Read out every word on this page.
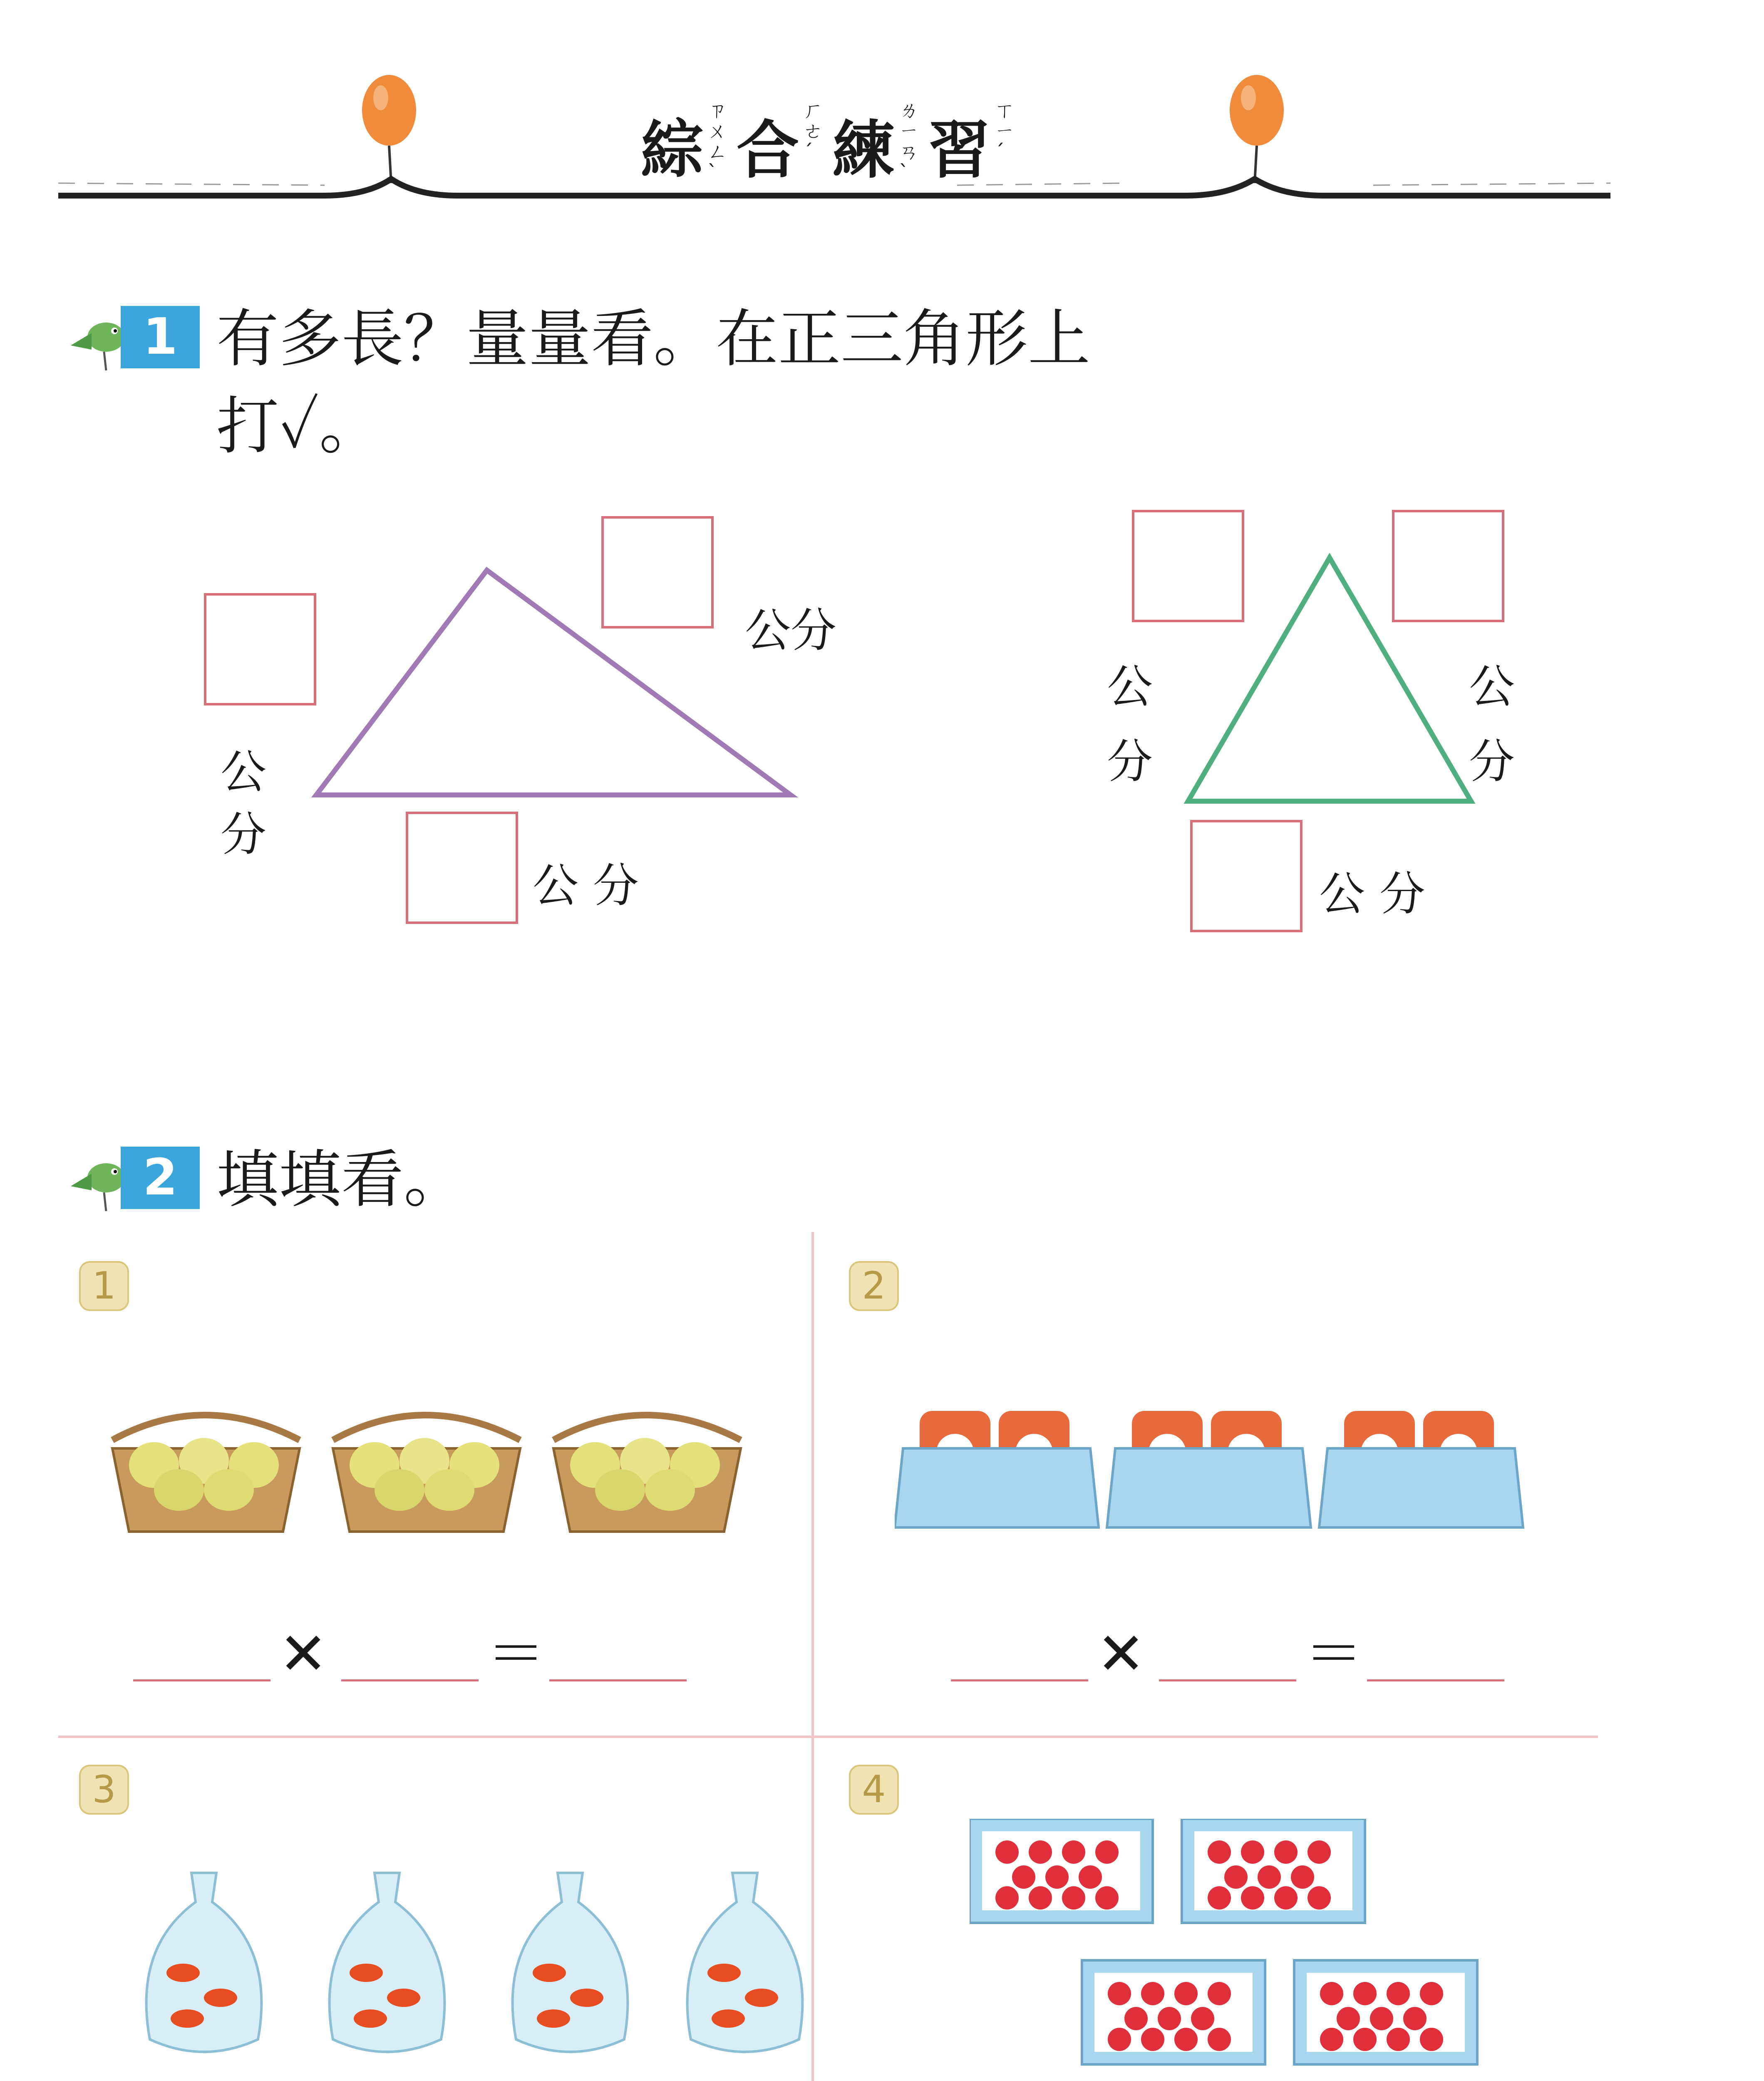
綜ㄗㄨㄥˋ 合ㄏㄜˊ 練ㄌㄧㄢˋ 習ㄒㄧˊ
1 有多長？量量看。在正三角形上
打✓。
公分
公分
公 分
公分
公分
公 分
2 填填看。
1	2
3	4
✕	＝	✕	＝
